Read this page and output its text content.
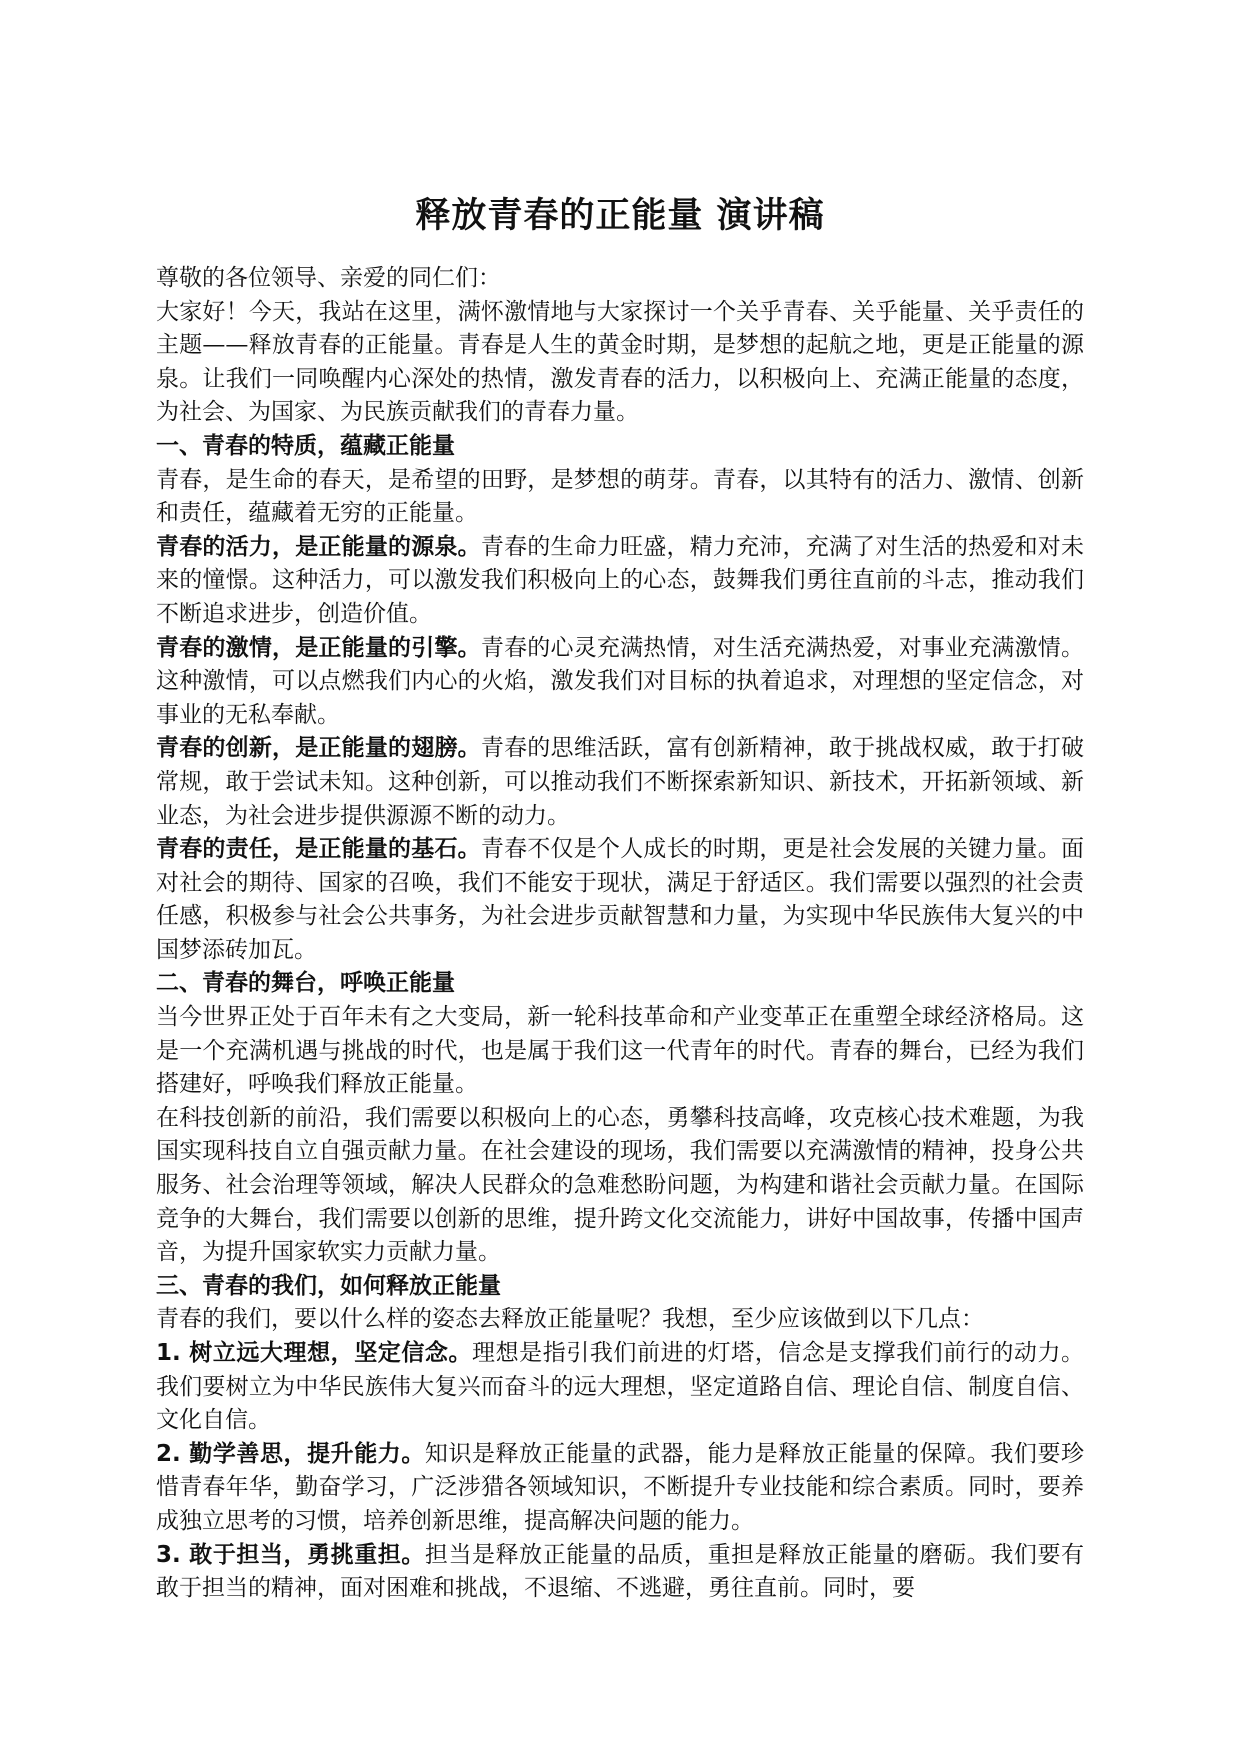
释放青春的正能量 演讲稿

尊敬的各位领导、亲爱的同仁们：

大家好！今天，我站在这里，满怀激情地与大家探讨一个关乎青春、关乎能量、关乎责任的主题——释放青春的正能量。青春是人生的黄金时期，是梦想的起航之地，更是正能量的源泉。让我们一同唤醒内心深处的热情，激发青春的活力，以积极向上、充满正能量的态度，为社会、为国家、为民族贡献我们的青春力量。

一、青春的特质，蕴藏正能量

青春，是生命的春天，是希望的田野，是梦想的萌芽。青春，以其特有的活力、激情、创新和责任，蕴藏着无穷的正能量。

青春的活力，是正能量的源泉。青春的生命力旺盛，精力充沛，充满了对生活的热爱和对未来的憧憬。这种活力，可以激发我们积极向上的心态，鼓舞我们勇往直前的斗志，推动我们不断追求进步，创造价值。

青春的激情，是正能量的引擎。青春的心灵充满热情，对生活充满热爱，对事业充满激情。这种激情，可以点燃我们内心的火焰，激发我们对目标的执着追求，对理想的坚定信念，对事业的无私奉献。

青春的创新，是正能量的翅膀。青春的思维活跃，富有创新精神，敢于挑战权威，敢于打破常规，敢于尝试未知。这种创新，可以推动我们不断探索新知识、新技术，开拓新领域、新业态，为社会进步提供源源不断的动力。

青春的责任，是正能量的基石。青春不仅是个人成长的时期，更是社会发展的关键力量。面对社会的期待、国家的召唤，我们不能安于现状，满足于舒适区。我们需要以强烈的社会责任感，积极参与社会公共事务，为社会进步贡献智慧和力量，为实现中华民族伟大复兴的中国梦添砖加瓦。

二、青春的舞台，呼唤正能量

当今世界正处于百年未有之大变局，新一轮科技革命和产业变革正在重塑全球经济格局。这是一个充满机遇与挑战的时代，也是属于我们这一代青年的时代。青春的舞台，已经为我们搭建好，呼唤我们释放正能量。

在科技创新的前沿，我们需要以积极向上的心态，勇攀科技高峰，攻克核心技术难题，为我国实现科技自立自强贡献力量。在社会建设的现场，我们需要以充满激情的精神，投身公共服务、社会治理等领域，解决人民群众的急难愁盼问题，为构建和谐社会贡献力量。在国际竞争的大舞台，我们需要以创新的思维，提升跨文化交流能力，讲好中国故事，传播中国声音，为提升国家软实力贡献力量。

三、青春的我们，如何释放正能量

青春的我们，要以什么样的姿态去释放正能量呢？我想，至少应该做到以下几点：

1. 树立远大理想，坚定信念。理想是指引我们前进的灯塔，信念是支撑我们前行的动力。我们要树立为中华民族伟大复兴而奋斗的远大理想，坚定道路自信、理论自信、制度自信、文化自信。

2. 勤学善思，提升能力。知识是释放正能量的武器，能力是释放正能量的保障。我们要珍惜青春年华，勤奋学习，广泛涉猎各领域知识，不断提升专业技能和综合素质。同时，要养成独立思考的习惯，培养创新思维，提高解决问题的能力。

3. 敢于担当，勇挑重担。担当是释放正能量的品质，重担是释放正能量的磨砺。我们要有敢于担当的精神，面对困难和挑战，不退缩、不逃避，勇往直前。同时，要
